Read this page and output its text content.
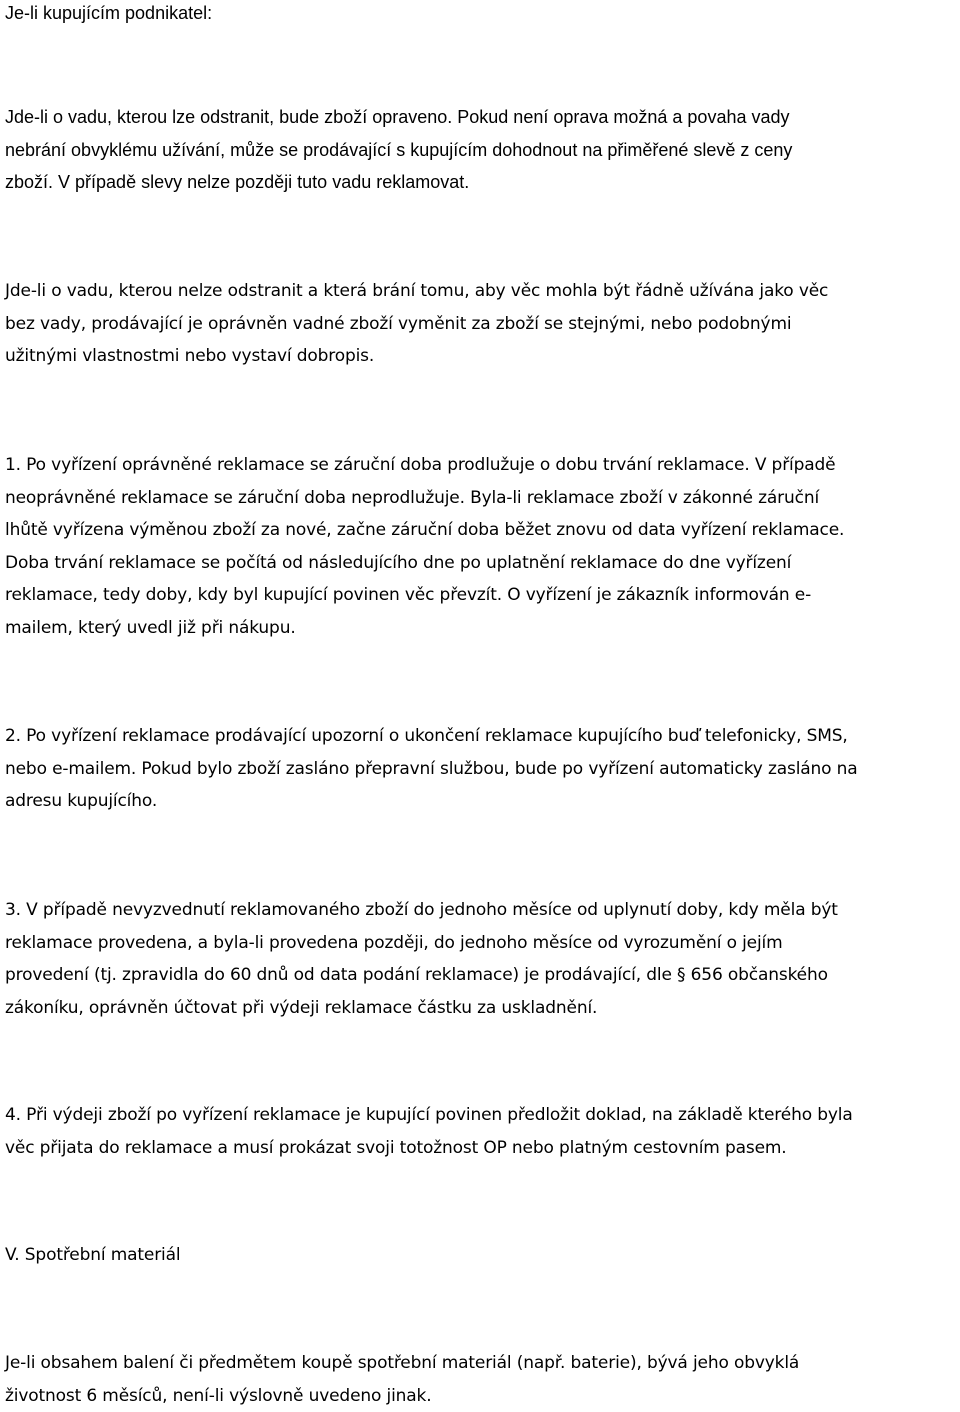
Je-li kupujícím podnikatel:

Jde-li o vadu, kterou lze odstranit, bude zboží opraveno. Pokud není oprava možná a povaha vady
nebrání obvyklému užívání, může se prodávající s kupujícím dohodnout na přiměřené slevě z ceny
zboží. V případě slevy nelze později tuto vadu reklamovat.

Jde-li o vadu, kterou nelze odstranit a která brání tomu, aby věc mohla být řádně užívána jako věc
bez vady, prodávající je oprávněn vadné zboží vyměnit za zboží se stejnými, nebo podobnými
užitnými vlastnostmi nebo vystaví dobropis.

1. Po vyřízení oprávněné reklamace se záruční doba prodlužuje o dobu trvání reklamace. V případě
neoprávněné reklamace se záruční doba neprodlužuje. Byla-li reklamace zboží v zákonné záruční
lhůtě vyřízena výměnou zboží za nové, začne záruční doba běžet znovu od data vyřízení reklamace.
Doba trvání reklamace se počítá od následujícího dne po uplatnění reklamace do dne vyřízení
reklamace, tedy doby, kdy byl kupující povinen věc převzít. O vyřízení je zákazník informován e-
mailem, který uvedl již při nákupu.

2. Po vyřízení reklamace prodávající upozorní o ukončení reklamace kupujícího buď telefonicky, SMS,
nebo e-mailem. Pokud bylo zboží zasláno přepravní službou, bude po vyřízení automaticky zasláno na
adresu kupujícího.

3. V případě nevyzvednutí reklamovaného zboží do jednoho měsíce od uplynutí doby, kdy měla být
reklamace provedena, a byla-li provedena později, do jednoho měsíce od vyrozumění o jejím
provedení (tj. zpravidla do 60 dnů od data podání reklamace) je prodávající, dle § 656 občanského
zákoníku, oprávněn účtovat při výdeji reklamace částku za uskladnění.

4. Při výdeji zboží po vyřízení reklamace je kupující povinen předložit doklad, na základě kterého byla
věc přijata do reklamace a musí prokázat svoji totožnost OP nebo platným cestovním pasem.

V. Spotřební materiál

Je-li obsahem balení či předmětem koupě spotřební materiál (např. baterie), bývá jeho obvyklá
životnost 6 měsíců, není-li výslovně uvedeno jinak.
